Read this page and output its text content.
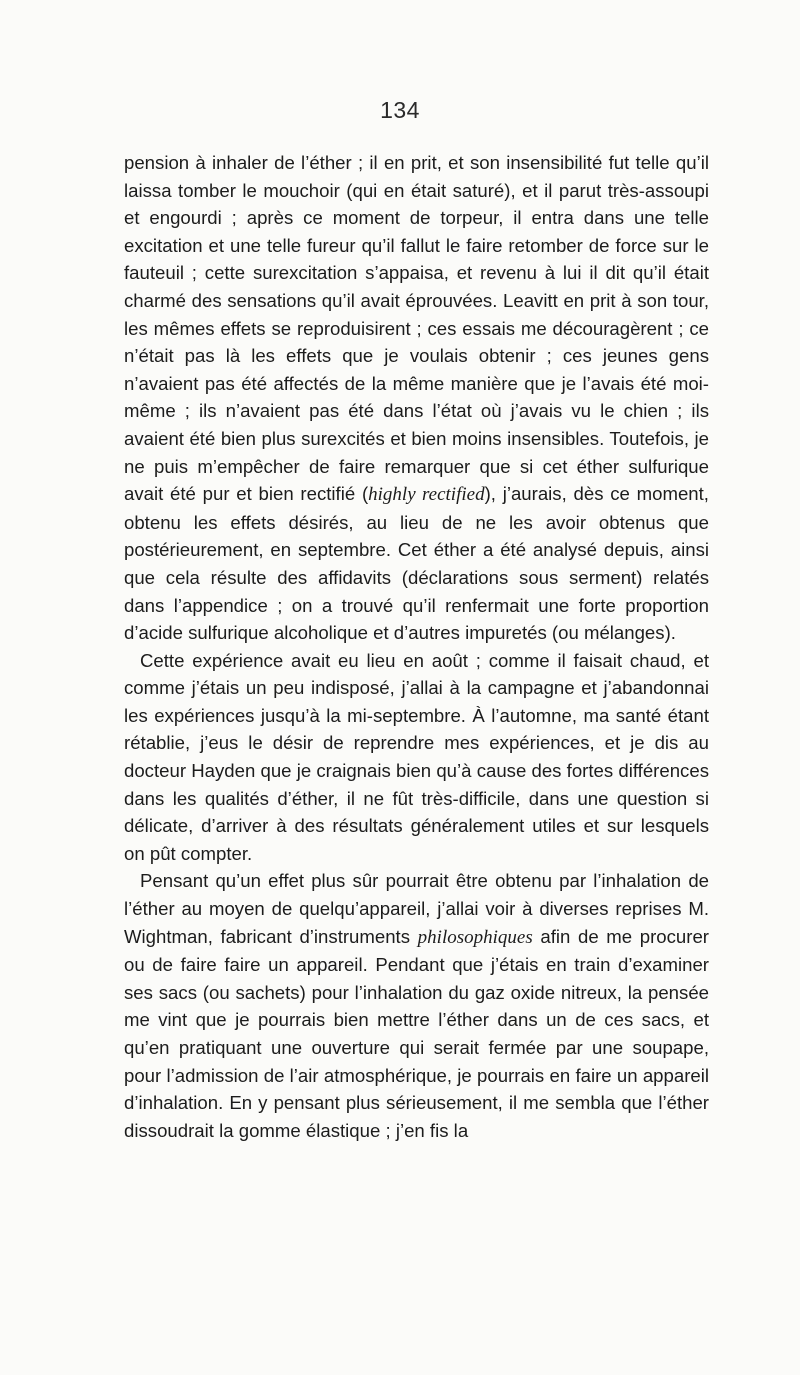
134

pension à inhaler de l’éther ; il en prit, et son insensibilité fut telle qu’il laissa tomber le mouchoir (qui en était saturé), et il parut très-assoupi et engourdi ; après ce moment de torpeur, il entra dans une telle excitation et une telle fureur qu’il fallut le faire retomber de force sur le fauteuil ; cette surexcitation s’appaisa, et revenu à lui il dit qu’il était charmé des sensations qu’il avait éprouvées. Leavitt en prit à son tour, les mêmes effets se reproduisirent ; ces essais me découragèrent ; ce n’était pas là les effets que je voulais obtenir ; ces jeunes gens n’avaient pas été affectés de la même manière que je l’avais été moi-même ; ils n’avaient pas été dans l’état où j’avais vu le chien ; ils avaient été bien plus surexcités et bien moins insensibles. Toutefois, je ne puis m’empêcher de faire remarquer que si cet éther sulfurique avait été pur et bien rectifié (highly rectified), j’aurais, dès ce moment, obtenu les effets désirés, au lieu de ne les avoir obtenus que postérieurement, en septembre. Cet éther a été analysé depuis, ainsi que cela résulte des affidavits (déclarations sous serment) relatés dans l’appendice ; on a trouvé qu’il renfermait une forte proportion d’acide sulfurique alcoholique et d’autres impuretés (ou mélanges).

Cette expérience avait eu lieu en août ; comme il faisait chaud, et comme j’étais un peu indisposé, j’allai à la campagne et j’abandonnai les expériences jusqu’à la mi-septembre. À l’automne, ma santé étant rétablie, j’eus le désir de reprendre mes expériences, et je dis au docteur Hayden que je craignais bien qu’à cause des fortes différences dans les qualités d’éther, il ne fût très-difficile, dans une question si délicate, d’arriver à des résultats généralement utiles et sur lesquels on pût compter.

Pensant qu’un effet plus sûr pourrait être obtenu par l’inhalation de l’éther au moyen de quelqu’appareil, j’allai voir à diverses reprises M. Wightman, fabricant d’instruments philosophiques afin de me procurer ou de faire faire un appareil. Pendant que j’étais en train d’examiner ses sacs (ou sachets) pour l’inhalation du gaz oxide nitreux, la pensée me vint que je pourrais bien mettre l’éther dans un de ces sacs, et qu’en pratiquant une ouverture qui serait fermée par une soupape, pour l’admission de l’air atmosphérique, je pourrais en faire un appareil d’inhalation. En y pensant plus sérieusement, il me sembla que l’éther dissoudrait la gomme élastique ; j’en fis la
